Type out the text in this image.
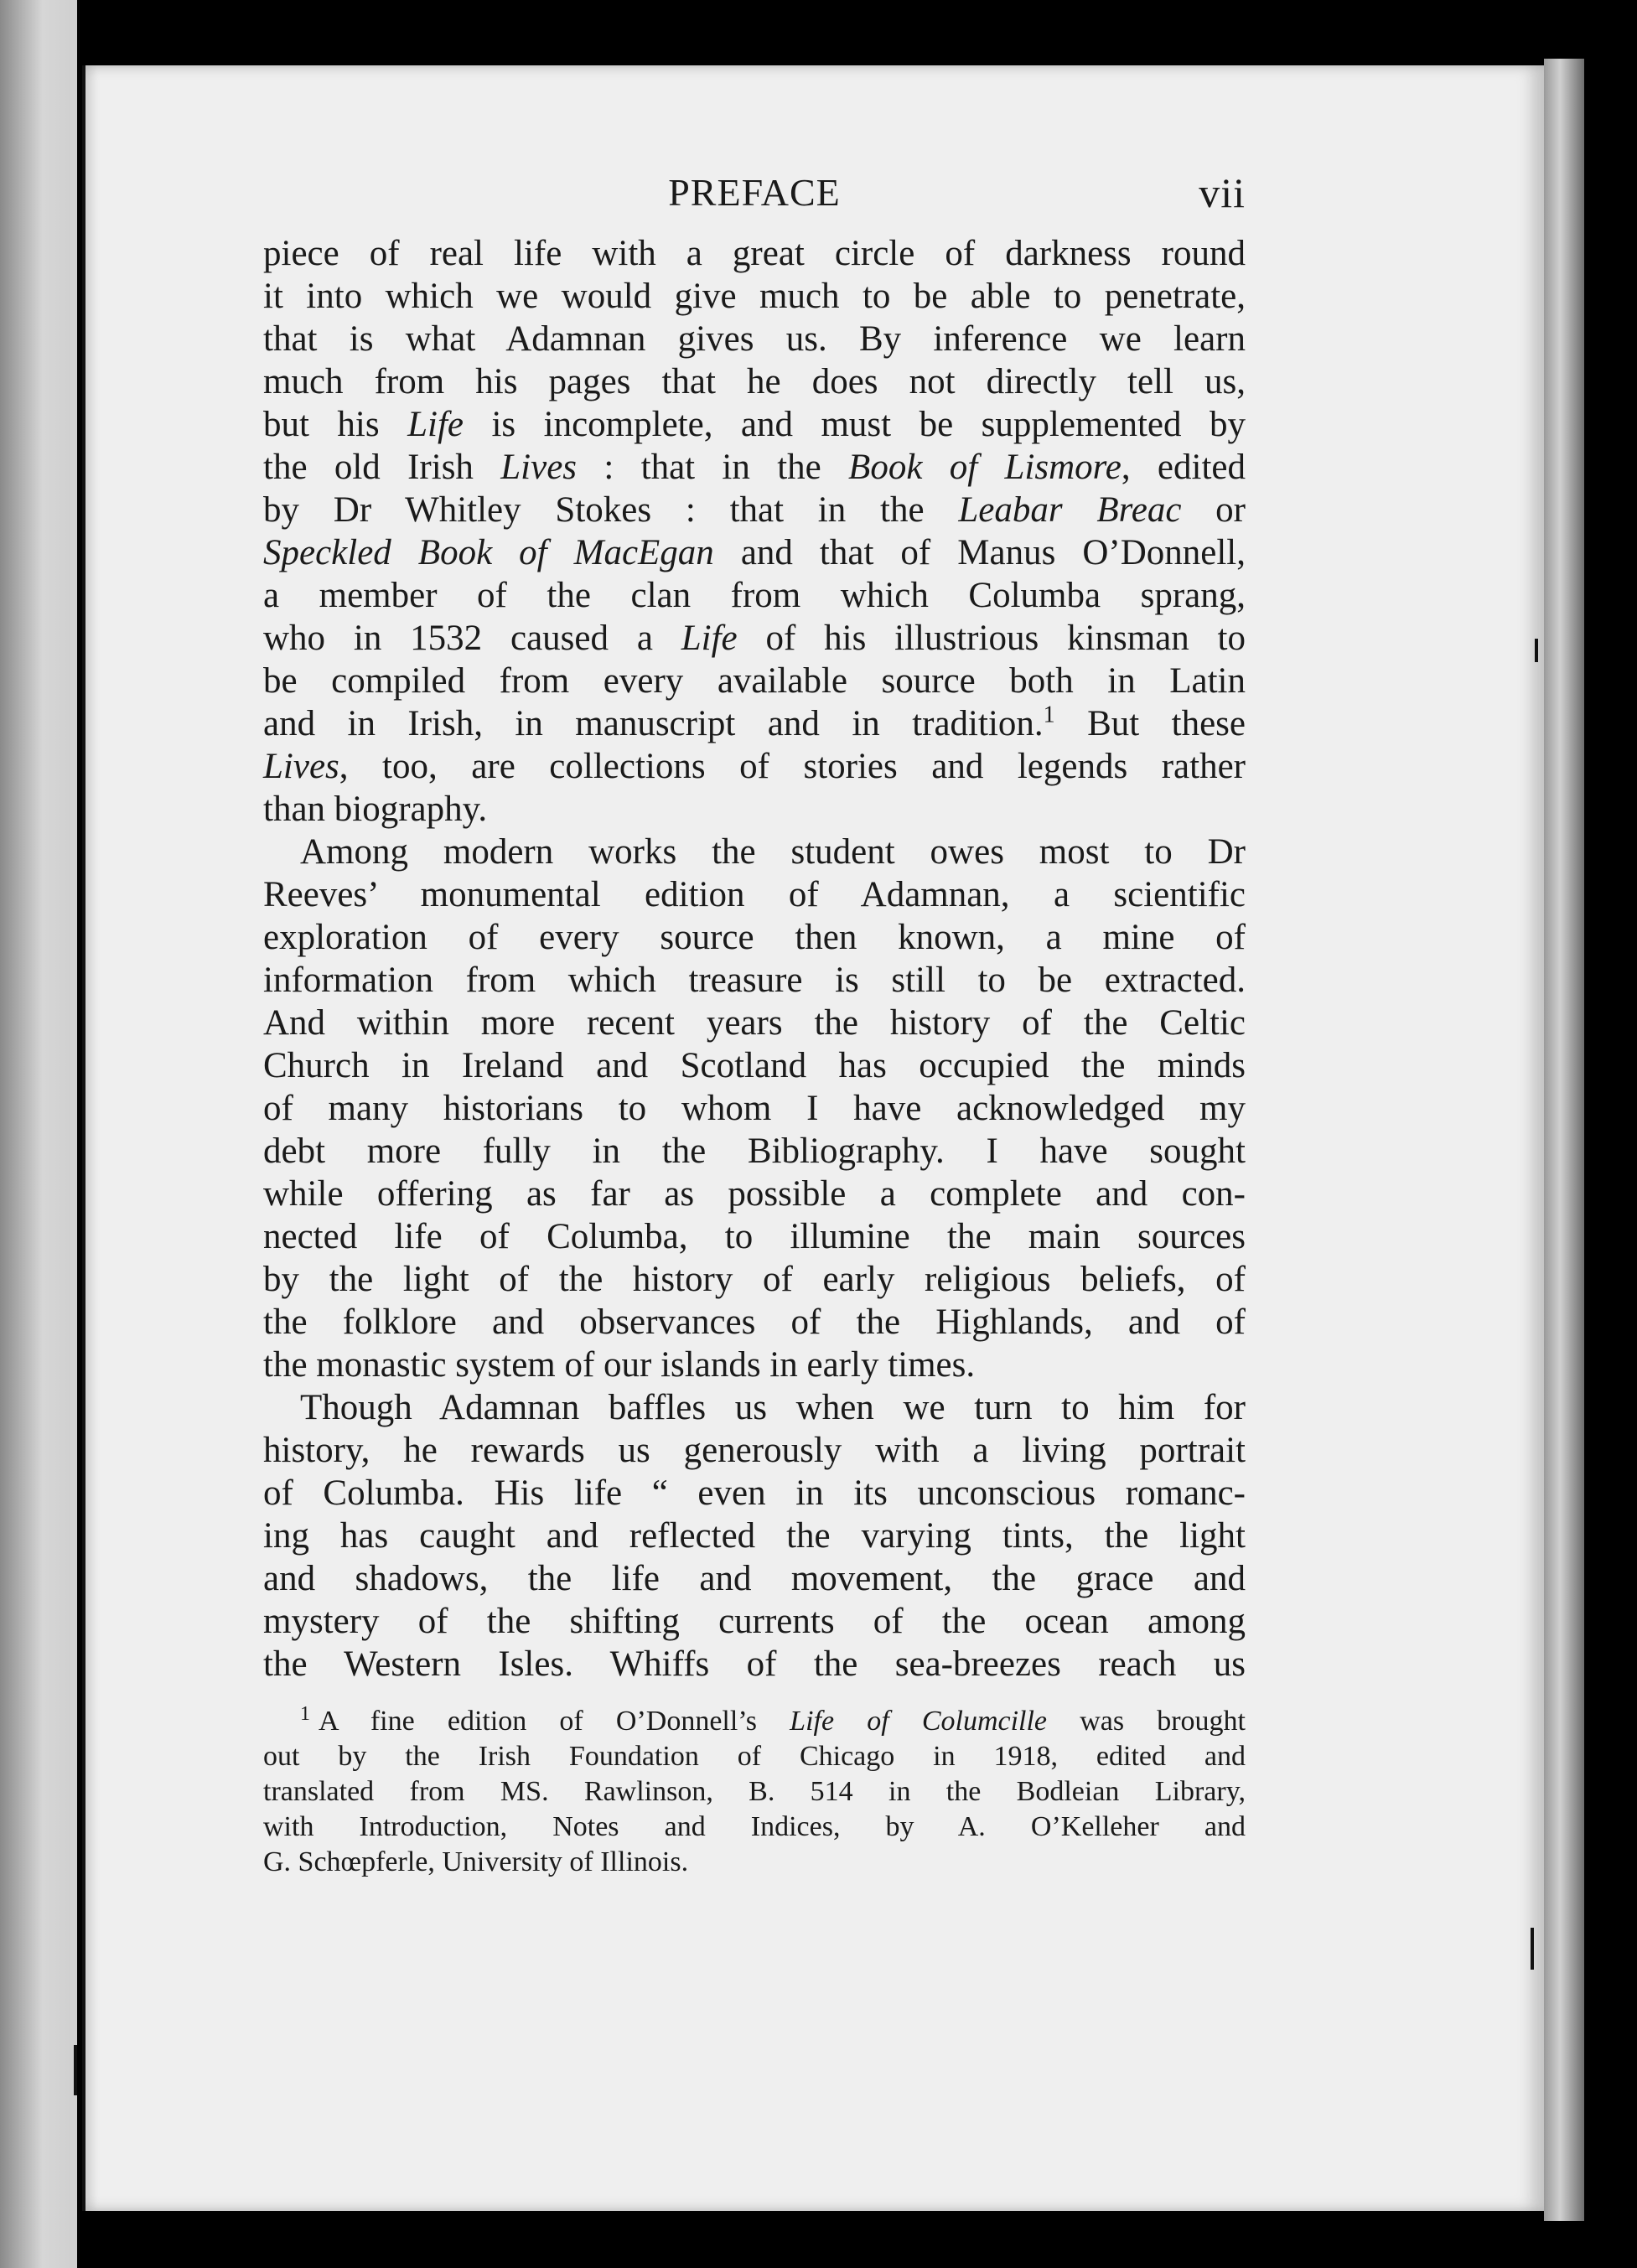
PREFACE	vii
piece of real life with a great circle of darkness round
it into which we would give much to be able to penetrate,
that is what Adamnan gives us. By inference we learn
much from his pages that he does not directly tell us,
but his Life is incomplete, and must be supplemented by
the old Irish Lives : that in the Book of Lismore, edited
by Dr Whitley Stokes : that in the Leabar Breac or
Speckled Book of MacEgan and that of Manus O’Donnell,
a member of the clan from which Columba sprang,
who in 1532 caused a Life of his illustrious kinsman to
be compiled from every available source both in Latin
and in Irish, in manuscript and in tradition.$^1$ But these
Lives, too, are collections of stories and legends rather
than biography.
Among modern works the student owes most to Dr
Reeves’ monumental edition of Adamnan, a scientific
exploration of every source then known, a mine of
information from which treasure is still to be extracted.
And within more recent years the history of the Celtic
Church in Ireland and Scotland has occupied the minds
of many historians to whom I have acknowledged my
debt more fully in the Bibliography. I have sought
while offering as far as possible a complete and con-
nected life of Columba, to illumine the main sources
by the light of the history of early religious beliefs, of
the folklore and observances of the Highlands, and of
the monastic system of our islands in early times.
Though Adamnan baffles us when we turn to him for
history, he rewards us generously with a living portrait
of Columba. His life “ even in its unconscious romanc-
ing has caught and reflected the varying tints, the light
and shadows, the life and movement, the grace and
mystery of the shifting currents of the ocean among
the Western Isles. Whiffs of the sea-breezes reach us
$^1$ A fine edition of O’Donnell’s Life of Columcille was brought
out by the Irish Foundation of Chicago in 1918, edited and
translated from MS. Rawlinson, B. 514 in the Bodleian Library,
with Introduction, Notes and Indices, by A. O’Kelleher and
G. Schœpferle, University of Illinois.
